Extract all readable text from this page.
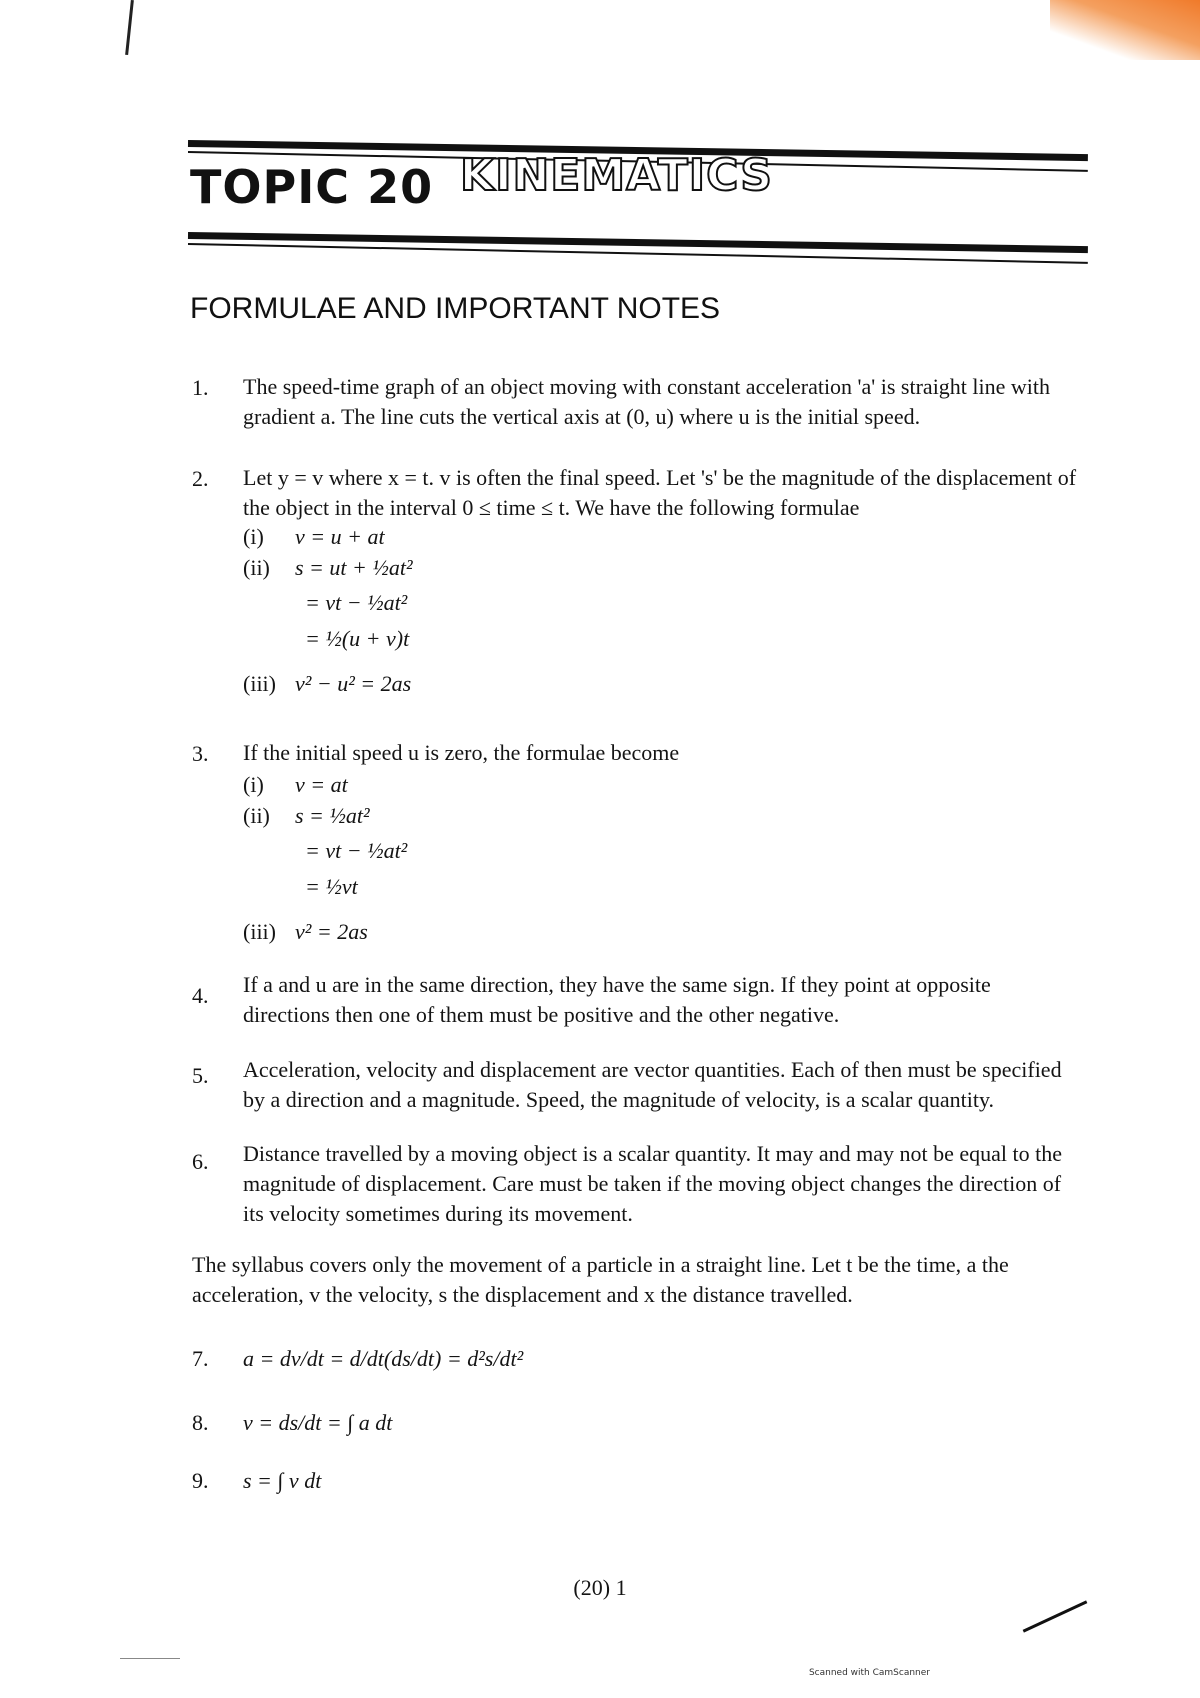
TOPIC 20 KINEMATICS
FORMULAE AND IMPORTANT NOTES
1. The speed-time graph of an object moving with constant acceleration 'a' is straight line with
gradient a. The line cuts the vertical axis at (0, u) where u is the initial speed.
2. Let y = v where x = t. v is often the final speed. Let 's' be the magnitude of the displacement of
the object in the interval 0 ≤ time ≤ t. We have the following formulae
(i) v = u + at
(ii) s = ut + ½at²
= vt − ½at²
= ½(u + v)t
(iii) v² − u² = 2as
3. If the initial speed u is zero, the formulae become
(i) v = at
(ii) s = ½at²
= vt − ½at²
= ½vt
(iii) v² = 2as
4. If a and u are in the same direction, they have the same sign. If they point at opposite
directions then one of them must be positive and the other negative.
5. Acceleration, velocity and displacement are vector quantities. Each of then must be specified
by a direction and a magnitude. Speed, the magnitude of velocity, is a scalar quantity.
6. Distance travelled by a moving object is a scalar quantity. It may and may not be equal to the
magnitude of displacement. Care must be taken if the moving object changes the direction of
its velocity sometimes during its movement.
The syllabus covers only the movement of a particle in a straight line. Let t be the time, a the
acceleration, v the velocity, s the displacement and x the distance travelled.
7. a = dv/dt = d/dt(ds/dt) = d²s/dt²
8. v = ds/dt = ∫ a dt
9. s = ∫ v dt
(20) 1
Scanned with CamScanner
